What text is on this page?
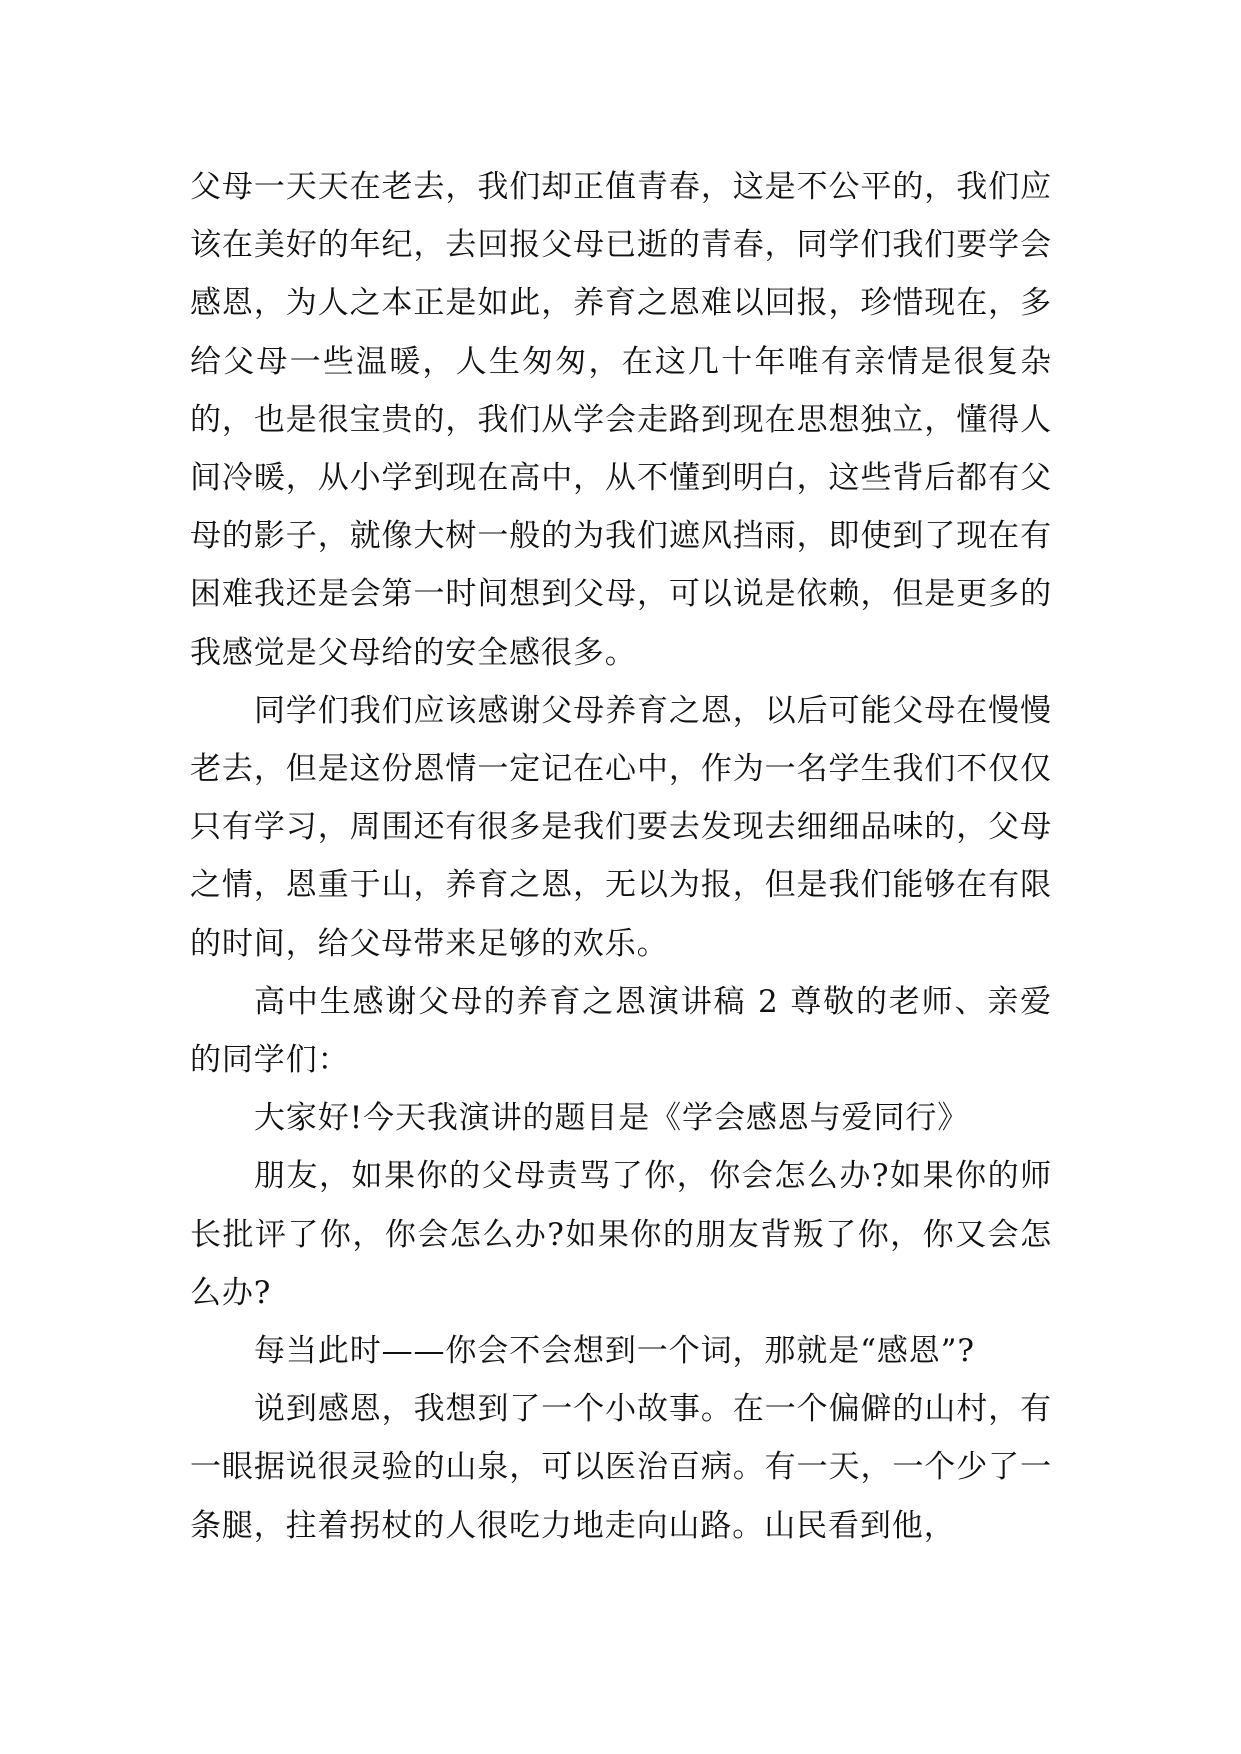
父母一天天在老去，我们却正值青春，这是不公平的，我们应该在美好的年纪，去回报父母已逝的青春，同学们我们要学会感恩，为人之本正是如此，养育之恩难以回报，珍惜现在，多给父母一些温暖，人生匆匆，在这几十年唯有亲情是很复杂的，也是很宝贵的，我们从学会走路到现在思想独立，懂得人间冷暖，从小学到现在高中，从不懂到明白，这些背后都有父母的影子，就像大树一般的为我们遮风挡雨，即使到了现在有困难我还是会第一时间想到父母，可以说是依赖，但是更多的我感觉是父母给的安全感很多。

同学们我们应该感谢父母养育之恩，以后可能父母在慢慢老去，但是这份恩情一定记在心中，作为一名学生我们不仅仅只有学习，周围还有很多是我们要去发现去细细品味的，父母之情，恩重于山，养育之恩，无以为报，但是我们能够在有限的时间，给父母带来足够的欢乐。

高中生感谢父母的养育之恩演讲稿 2 尊敬的老师、亲爱的同学们：

大家好!今天我演讲的题目是《学会感恩与爱同行》

朋友，如果你的父母责骂了你，你会怎么办?如果你的师长批评了你，你会怎么办?如果你的朋友背叛了你，你又会怎么办?

每当此时——你会不会想到一个词，那就是“感恩”?

说到感恩，我想到了一个小故事。在一个偏僻的山村，有一眼据说很灵验的山泉，可以医治百病。有一天，一个少了一条腿，拄着拐杖的人很吃力地走向山路。山民看到他，
